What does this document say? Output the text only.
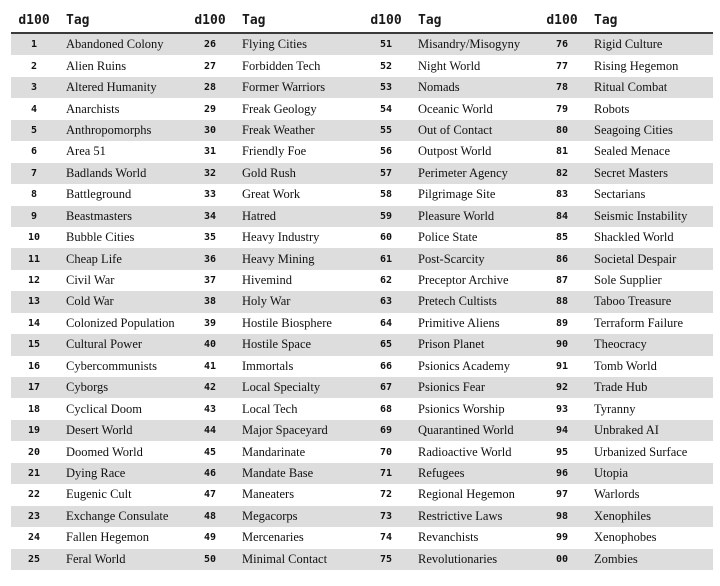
d100	Tag	d100	Tag	d100	Tag	d100	Tag
1	Abandoned Colony	26	Flying Cities	51	Misandry/Misogyny	76	Rigid Culture
2	Alien Ruins	27	Forbidden Tech	52	Night World	77	Rising Hegemon
3	Altered Humanity	28	Former Warriors	53	Nomads	78	Ritual Combat
4	Anarchists	29	Freak Geology	54	Oceanic World	79	Robots
5	Anthropomorphs	30	Freak Weather	55	Out of Contact	80	Seagoing Cities
6	Area 51	31	Friendly Foe	56	Outpost World	81	Sealed Menace
7	Badlands World	32	Gold Rush	57	Perimeter Agency	82	Secret Masters
8	Battleground	33	Great Work	58	Pilgrimage Site	83	Sectarians
9	Beastmasters	34	Hatred	59	Pleasure World	84	Seismic Instability
10	Bubble Cities	35	Heavy Industry	60	Police State	85	Shackled World
11	Cheap Life	36	Heavy Mining	61	Post-Scarcity	86	Societal Despair
12	Civil War	37	Hivemind	62	Preceptor Archive	87	Sole Supplier
13	Cold War	38	Holy War	63	Pretech Cultists	88	Taboo Treasure
14	Colonized Population	39	Hostile Biosphere	64	Primitive Aliens	89	Terraform Failure
15	Cultural Power	40	Hostile Space	65	Prison Planet	90	Theocracy
16	Cybercommunists	41	Immortals	66	Psionics Academy	91	Tomb World
17	Cyborgs	42	Local Specialty	67	Psionics Fear	92	Trade Hub
18	Cyclical Doom	43	Local Tech	68	Psionics Worship	93	Tyranny
19	Desert World	44	Major Spaceyard	69	Quarantined World	94	Unbraked AI
20	Doomed World	45	Mandarinate	70	Radioactive World	95	Urbanized Surface
21	Dying Race	46	Mandate Base	71	Refugees	96	Utopia
22	Eugenic Cult	47	Maneaters	72	Regional Hegemon	97	Warlords
23	Exchange Consulate	48	Megacorps	73	Restrictive Laws	98	Xenophiles
24	Fallen Hegemon	49	Mercenaries	74	Revanchists	99	Xenophobes
25	Feral World	50	Minimal Contact	75	Revolutionaries	00	Zombies
